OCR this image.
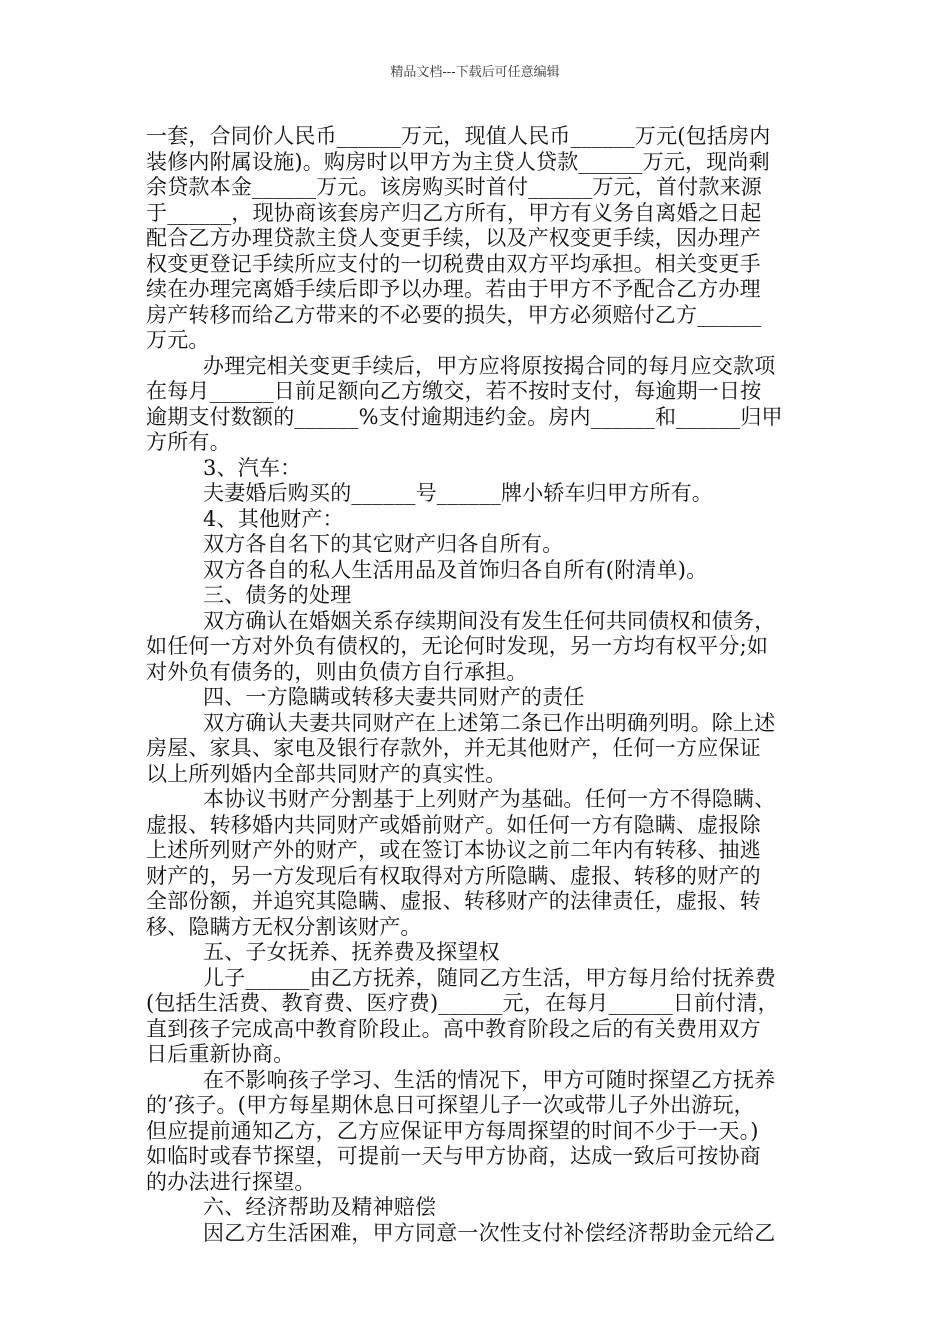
精品文档---下载后可任意编辑
一套，合同价人民币______万元，现值人民币______万元(包括房内
装修内附属设施)。购房时以甲方为主贷人贷款______万元，现尚剩
余贷款本金______万元。该房购买时首付______万元，首付款来源
于______，现协商该套房产归乙方所有，甲方有义务自离婚之日起
配合乙方办理贷款主贷人变更手续，以及产权变更手续，因办理产
权变更登记手续所应支付的一切税费由双方平均承担。相关变更手
续在办理完离婚手续后即予以办理。若由于甲方不予配合乙方办理
房产转移而给乙方带来的不必要的损失，甲方必须赔付乙方______
万元。
办理完相关变更手续后，甲方应将原按揭合同的每月应交款项
在每月______日前足额向乙方缴交，若不按时支付，每逾期一日按
逾期支付数额的______%支付逾期违约金。房内______和______归甲
方所有。
3、汽车：
夫妻婚后购买的______号______牌小轿车归甲方所有。
4、其他财产：
双方各自名下的其它财产归各自所有。
双方各自的私人生活用品及首饰归各自所有(附清单)。
三、债务的处理
双方确认在婚姻关系存续期间没有发生任何共同债权和债务，
如任何一方对外负有债权的，无论何时发现，另一方均有权平分;如
对外负有债务的，则由负债方自行承担。
四、一方隐瞒或转移夫妻共同财产的责任
双方确认夫妻共同财产在上述第二条已作出明确列明。除上述
房屋、家具、家电及银行存款外，并无其他财产，任何一方应保证
以上所列婚内全部共同财产的真实性。
本协议书财产分割基于上列财产为基础。任何一方不得隐瞒、
虚报、转移婚内共同财产或婚前财产。如任何一方有隐瞒、虚报除
上述所列财产外的财产，或在签订本协议之前二年内有转移、抽逃
财产的，另一方发现后有权取得对方所隐瞒、虚报、转移的财产的
全部份额，并追究其隐瞒、虚报、转移财产的法律责任，虚报、转
移、隐瞒方无权分割该财产。
五、子女抚养、抚养费及探望权
儿子______由乙方抚养，随同乙方生活，甲方每月给付抚养费
(包括生活费、教育费、医疗费)______元，在每月______日前付清，
直到孩子完成高中教育阶段止。高中教育阶段之后的有关费用双方
日后重新协商。
在不影响孩子学习、生活的情况下，甲方可随时探望乙方抚养
的’孩子。(甲方每星期休息日可探望儿子一次或带儿子外出游玩，
但应提前通知乙方，乙方应保证甲方每周探望的时间不少于一天。)
如临时或春节探望，可提前一天与甲方协商，达成一致后可按协商
的办法进行探望。
六、经济帮助及精神赔偿
因乙方生活困难，甲方同意一次性支付补偿经济帮助金元给乙
